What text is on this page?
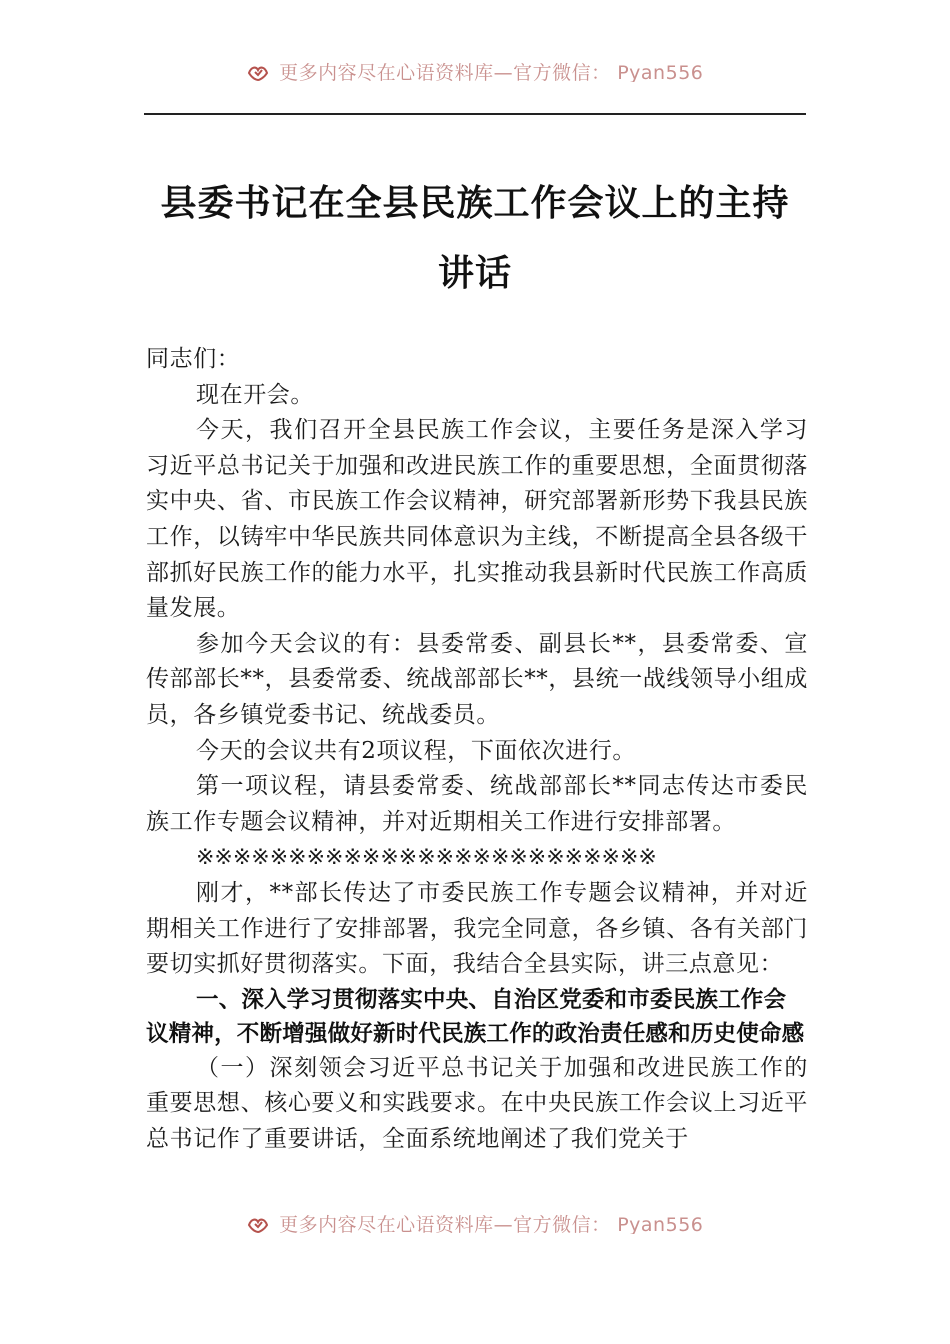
更多内容尽在心语资料库—官方微信： Pyan556
县委书记在全县民族工作会议上的主持讲话

同志们：

现在开会。

今天，我们召开全县民族工作会议，主要任务是深入学习习近平总书记关于加强和改进民族工作的重要思想，全面贯彻落实中央、省、市民族工作会议精神，研究部署新形势下我县民族工作，以铸牢中华民族共同体意识为主线，不断提高全县各级干部抓好民族工作的能力水平，扎实推动我县新时代民族工作高质量发展。

参加今天会议的有：县委常委、副县长**，县委常委、宣传部部长**，县委常委、统战部部长**，县统一战线领导小组成员，各乡镇党委书记、统战委员。

今天的会议共有2项议程，下面依次进行。

第一项议程，请县委常委、统战部部长**同志传达市委民族工作专题会议精神，并对近期相关工作进行安排部署。

※※※※※※※※※※※※※※※※※※※※※※※※※

刚才，**部长传达了市委民族工作专题会议精神，并对近期相关工作进行了安排部署，我完全同意，各乡镇、各有关部门要切实抓好贯彻落实。下面，我结合全县实际，讲三点意见：

一、深入学习贯彻落实中央、自治区党委和市委民族工作会议精神，不断增强做好新时代民族工作的政治责任感和历史使命感

（一）深刻领会习近平总书记关于加强和改进民族工作的重要思想、核心要义和实践要求。在中央民族工作会议上习近平总书记作了重要讲话，全面系统地阐述了我们党关于

更多内容尽在心语资料库—官方微信： Pyan556
